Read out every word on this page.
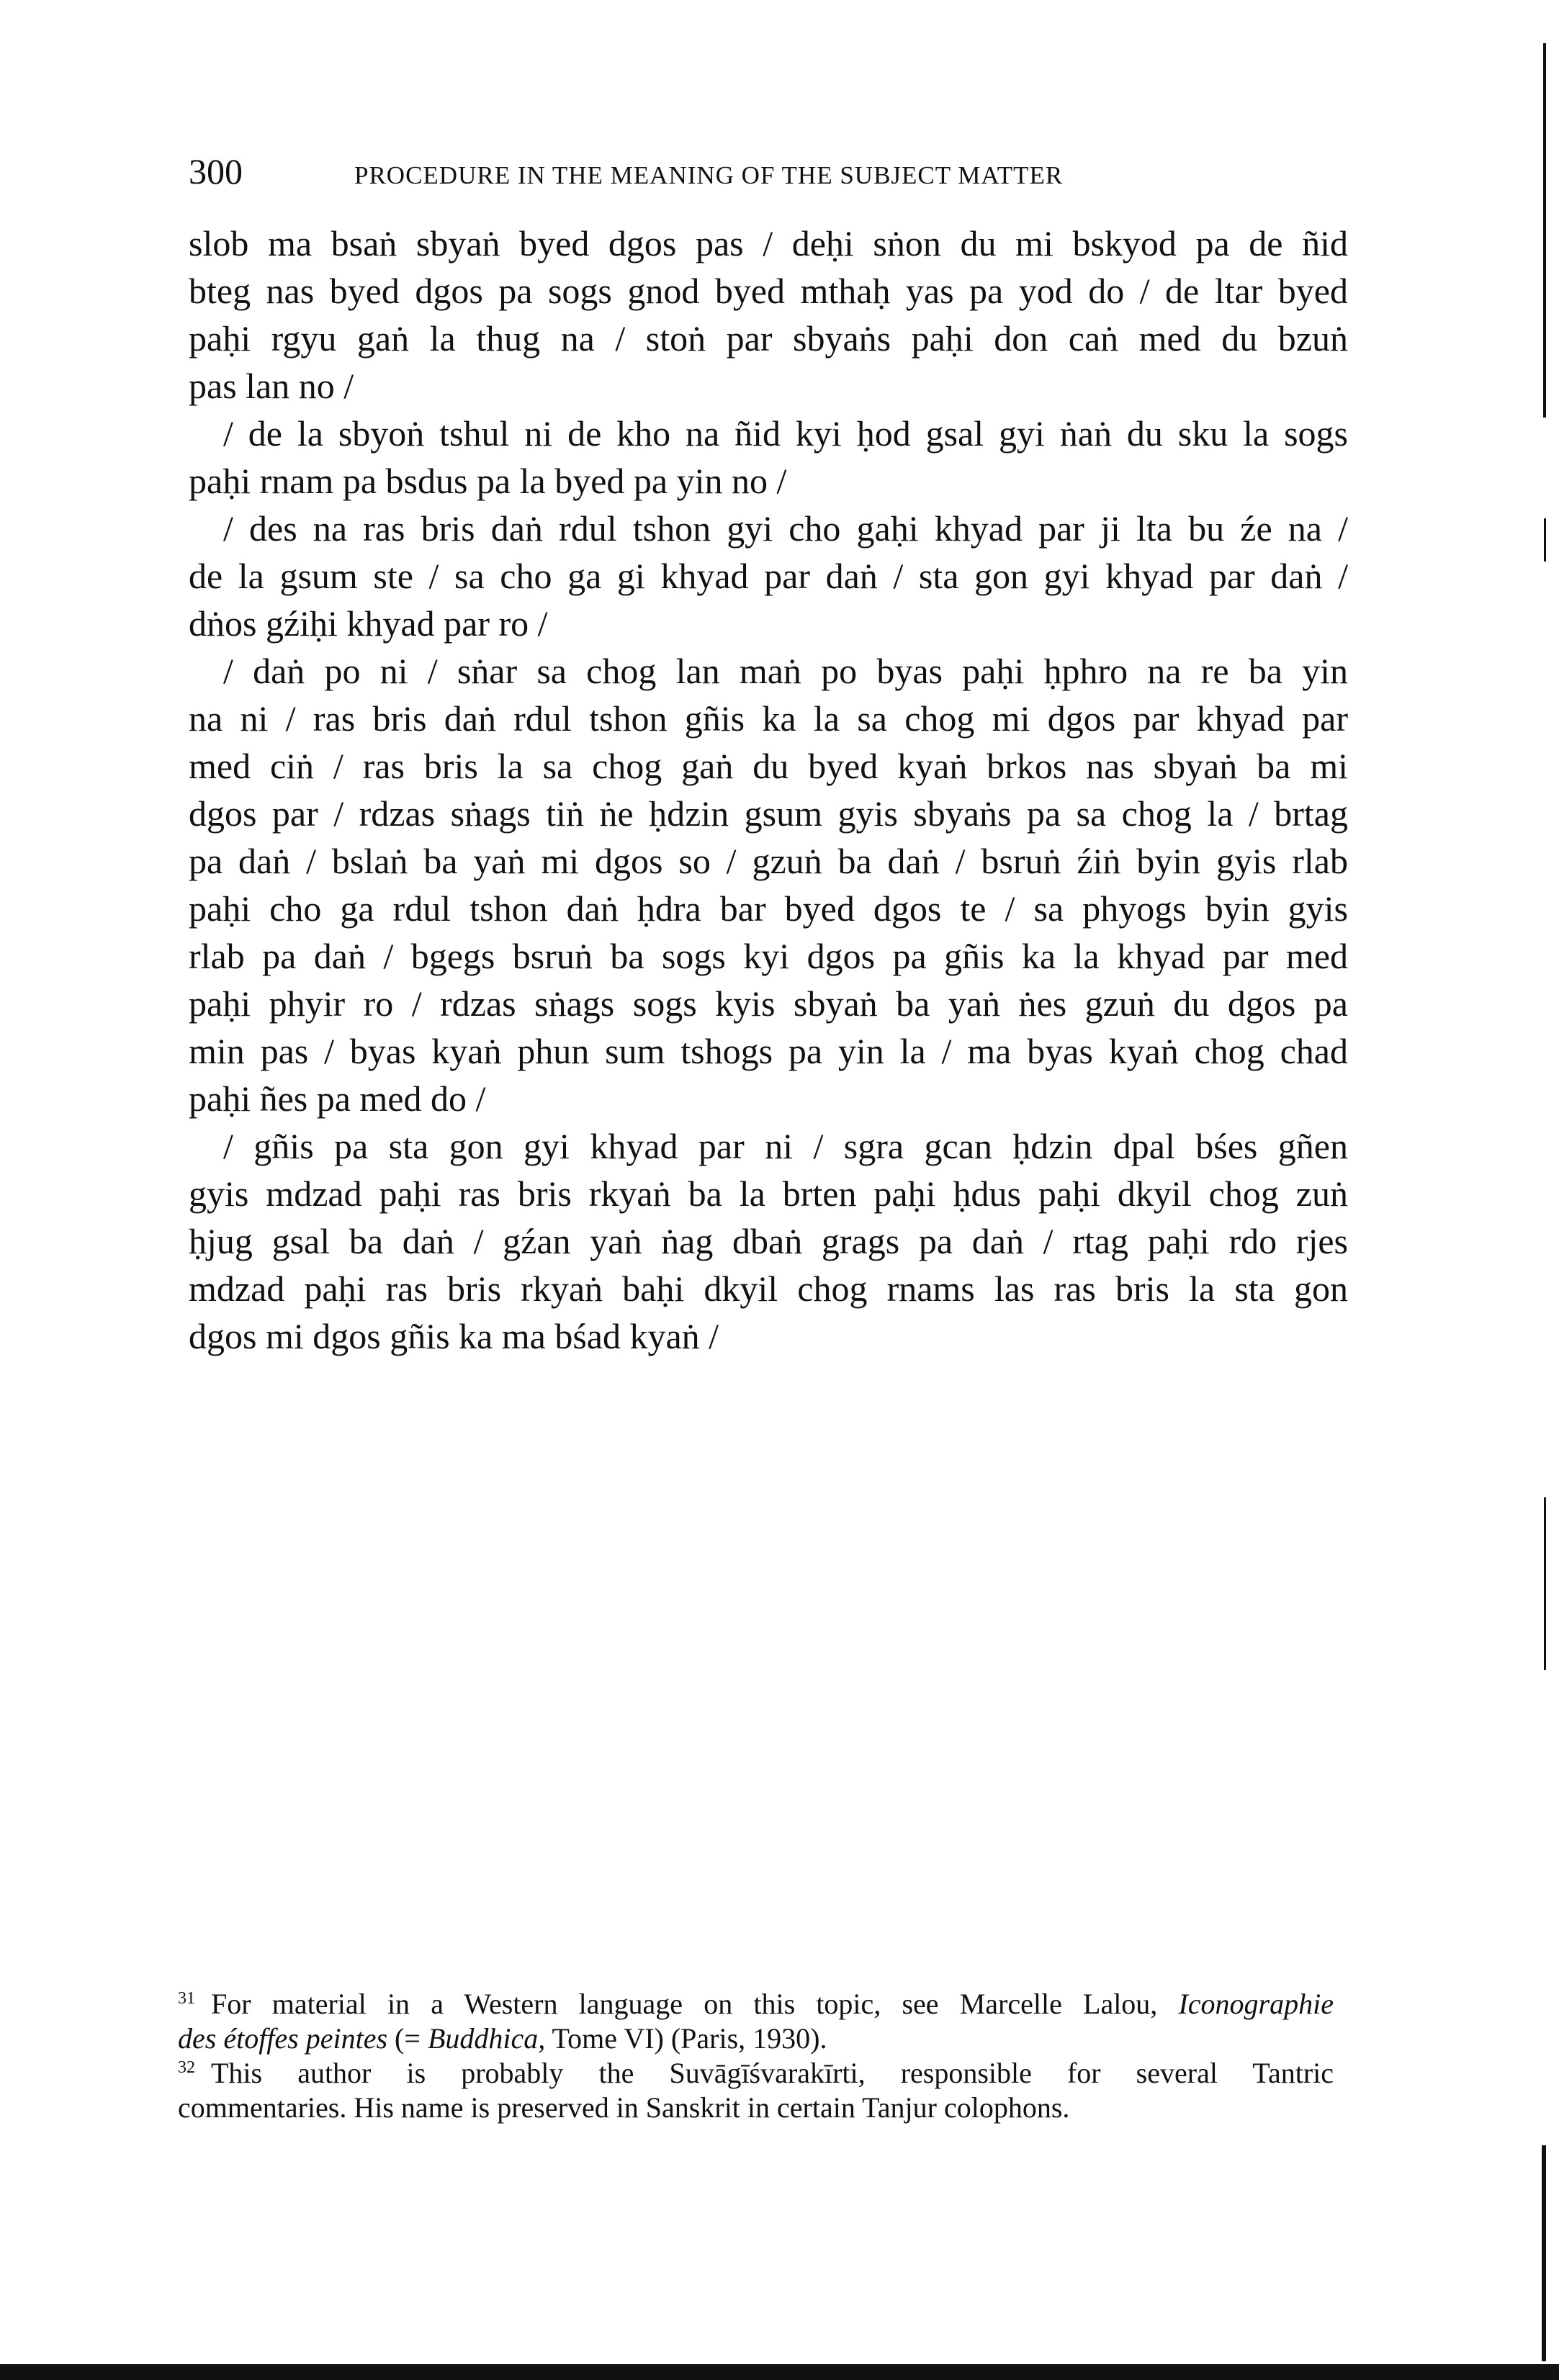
300	PROCEDURE IN THE MEANING OF THE SUBJECT MATTER
slob ma bsaṅ sbyaṅ byed dgos pas / deḥi sṅon du mi bskyod pa de ñid
bteg nas byed dgos pa sogs gnod byed mthaḥ yas pa yod do / de ltar byed
paḥi rgyu gaṅ la thug na / stoṅ par sbyaṅs paḥi don caṅ med du bzuṅ
pas lan no /
/ de la sbyoṅ tshul ni de kho na ñid kyi ḥod gsal gyi ṅaṅ du sku la sogs
paḥi rnam pa bsdus pa la byed pa yin no /
/ des na ras bris daṅ rdul tshon gyi cho gaḥi khyad par ji lta bu źe na /
de la gsum ste / sa cho ga gi khyad par daṅ / sta gon gyi khyad par daṅ /
dṅos gźiḥi khyad par ro /
/ daṅ po ni / sṅar sa chog lan maṅ po byas paḥi ḥphro na re ba yin
na ni / ras bris daṅ rdul tshon gñis ka la sa chog mi dgos par khyad par
med ciṅ / ras bris la sa chog gaṅ du byed kyaṅ brkos nas sbyaṅ ba mi
dgos par / rdzas sṅags tiṅ ṅe ḥdzin gsum gyis sbyaṅs pa sa chog la / brtag
pa daṅ / bslaṅ ba yaṅ mi dgos so / gzuṅ ba daṅ / bsruṅ źiṅ byin gyis rlab
paḥi cho ga rdul tshon daṅ ḥdra bar byed dgos te / sa phyogs byin gyis
rlab pa daṅ / bgegs bsruṅ ba sogs kyi dgos pa gñis ka la khyad par med
paḥi phyir ro / rdzas sṅags sogs kyis sbyaṅ ba yaṅ ṅes gzuṅ du dgos pa
min pas / byas kyaṅ phun sum tshogs pa yin la / ma byas kyaṅ chog chad
paḥi ñes pa med do /
/ gñis pa sta gon gyi khyad par ni / sgra gcan ḥdzin dpal bśes gñen
gyis mdzad paḥi ras bris rkyaṅ ba la brten paḥi ḥdus paḥi dkyil chog zuṅ
ḥjug gsal ba daṅ / gźan yaṅ ṅag dbaṅ grags pa daṅ / rtag paḥi rdo rjes
mdzad paḥi ras bris rkyaṅ baḥi dkyil chog rnams las ras bris la sta gon
dgos mi dgos gñis ka ma bśad kyaṅ /
$^{31}$ For material in a Western language on this topic, see Marcelle Lalou, Iconographie
des étoffes peintes (= Buddhica, Tome VI) (Paris, 1930).
$^{32}$ This author is probably the Suvāgīśvarakīrti, responsible for several Tantric
commentaries. His name is preserved in Sanskrit in certain Tanjur colophons.
